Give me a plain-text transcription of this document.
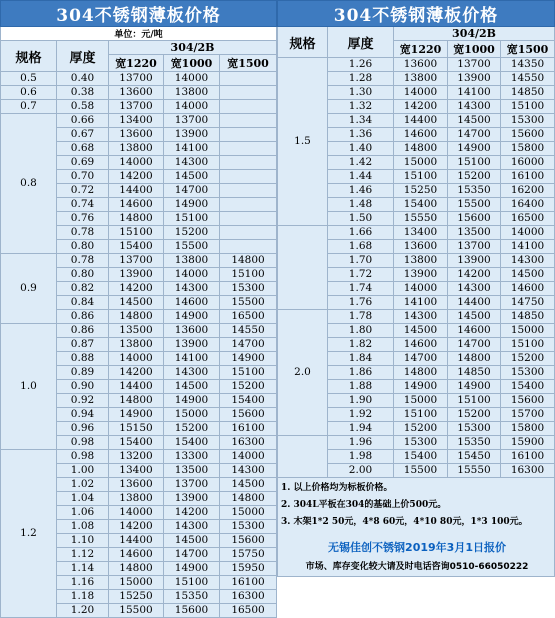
304不锈钢薄板价格				
单位：元/吨				
规格	厚度	304/2B		
		宽1220	宽1000	宽1500
0.5	0.40	13700	14000	
0.6	0.38	13600	13800	
0.7	0.58	13700	14000	
0.8	0.66	13400	13700	
	0.67	13600	13900	
	0.68	13800	14100	
	0.69	14000	14300	
	0.70	14200	14500	
	0.72	14400	14700	
	0.74	14600	14900	
	0.76	14800	15100	
	0.78	15100	15200	
	0.80	15400	15500	
0.9	0.78	13700	13800	14800
	0.80	13900	14000	15100
	0.82	14200	14300	15300
	0.84	14500	14600	15500
	0.86	14800	14900	16500
1.0	0.86	13500	13600	14550
	0.87	13800	13900	14700
	0.88	14000	14100	14900
	0.89	14200	14300	15100
	0.90	14400	14500	15200
	0.92	14800	14900	15400
	0.94	14900	15000	15600
	0.96	15150	15200	16100
	0.98	15400	15400	16300
1.2	0.98	13200	13300	14000
	1.00	13400	13500	14300
	1.02	13600	13700	14500
	1.04	13800	13900	14800
	1.06	14000	14200	15000
	1.08	14200	14300	15300
	1.10	14400	14500	15600
	1.12	14600	14700	15750
	1.14	14800	14900	15950
	1.16	15000	15100	16100
	1.18	15250	15350	16300
	1.20	15500	15600	16500
304不锈钢薄板价格				

规格	厚度	304/2B		
		宽1220	宽1000	宽1500
1.5	1.26	13600	13700	14350
	1.28	13800	13900	14550
	1.30	14000	14100	14850
	1.32	14200	14300	15100
	1.34	14400	14500	15300
	1.36	14600	14700	15600
	1.40	14800	14900	15800
	1.42	15000	15100	16000
	1.44	15100	15200	16100
	1.46	15250	15350	16200
	1.48	15400	15500	16400
	1.50	15550	15600	16500
	1.66	13400	13500	14000
	1.68	13600	13700	14100
	1.70	13800	13900	14300
	1.72	13900	14200	14500
	1.74	14000	14300	14600
	1.76	14100	14400	14750
2.0	1.78	14300	14500	14850
	1.80	14500	14600	15000
	1.82	14600	14700	15100
	1.84	14700	14800	15200
	1.86	14800	14850	15300
	1.88	14900	14900	15400
	1.90	15000	15100	15600
	1.92	15100	15200	15700
	1.94	15200	15300	15800
	1.96	15300	15350	15900
	1.98	15400	15450	16100
	2.00	15500	15550	16300

1. 以上价格均为标板价格。
2. 304L平板在304的基础上价500元。
3. 木架1*2 50元，4*8 60元，4*10 80元，1*3 100元。
无锡佳创不锈钢2019年3月1日报价
市场、库存变化较大请及时电话咨询0510-66050222				
